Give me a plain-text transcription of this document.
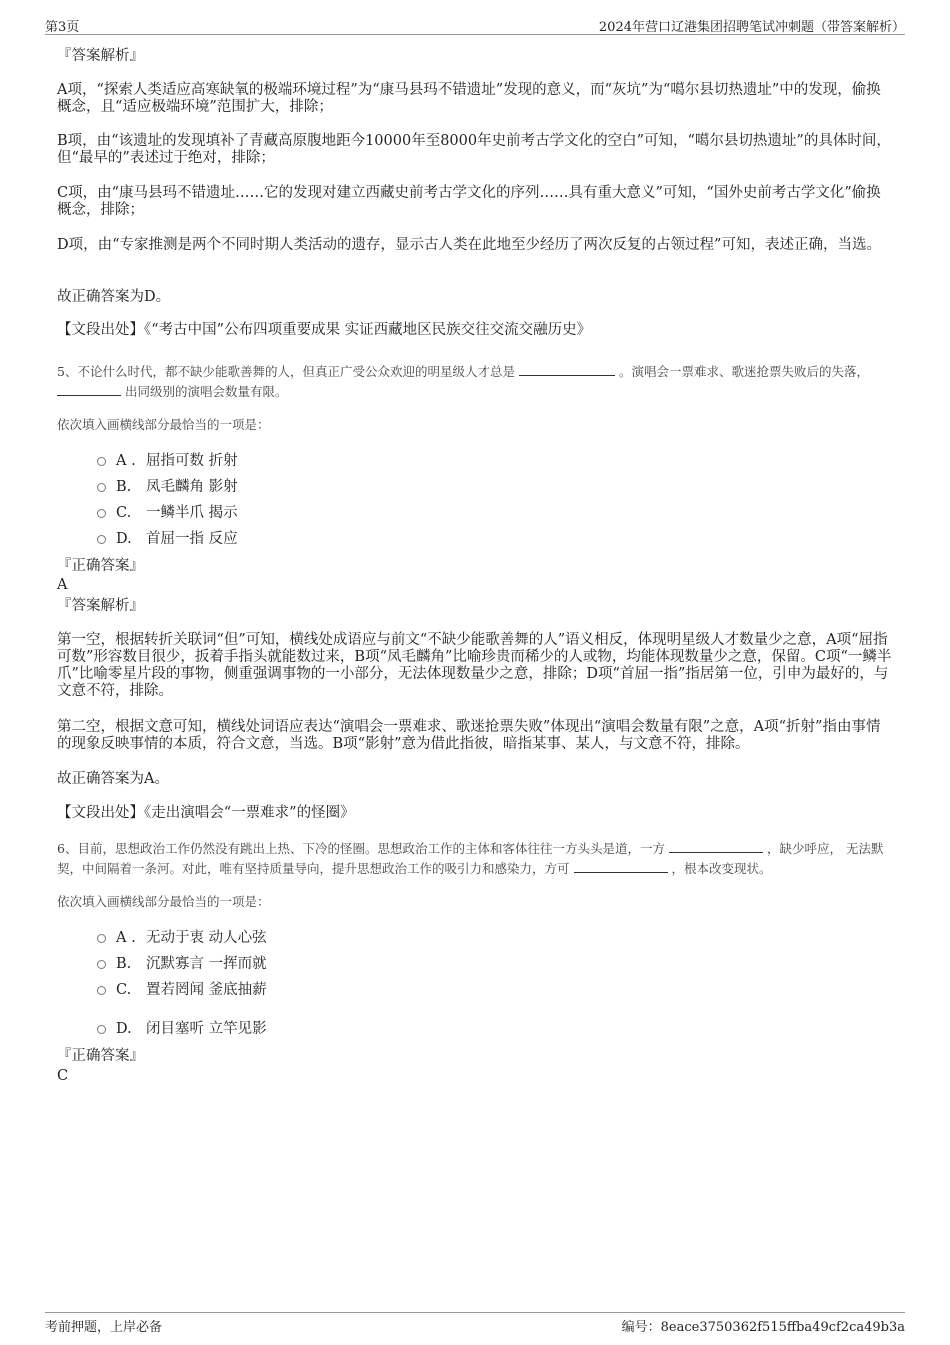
第3页	2024年营口辽港集团招聘笔试冲刺题（带答案解析）
『答案解析』
A项，“探索人类适应高寒缺氧的极端环境过程”为“康马县玛不错遗址”发现的意义，而“灰坑”为“噶尔县切热遗址”中的发现，偷换概念，且“适应极端环境”范围扩大，排除；
B项，由“该遗址的发现填补了青藏高原腹地距今10000年至8000年史前考古学文化的空白”可知，“噶尔县切热遗址”的具体时间，但“最早的”表述过于绝对，排除；
C项，由“康马县玛不错遗址……它的发现对建立西藏史前考古学文化的序列……具有重大意义”可知，“国外史前考古学文化”偷换概念，排除；
D项，由“专家推测是两个不同时期人类活动的遗存，显示古人类在此地至少经历了两次反复的占领过程”可知，表述正确，当选。
故正确答案为D。
【文段出处】《“考古中国”公布四项重要成果 实证西藏地区民族交往交流交融历史》
5、不论什么时代，都不缺少能歌善舞的人，但真正广受公众欢迎的明星级人才总是	。演唱会一票难求、歌迷抢票失败后的失落，  出同级别的演唱会数量有限。
依次填入画横线部分最恰当的一项是：
A . 屈指可数 折射
B. 凤毛麟角 影射
C. 一鳞半爪 揭示
D. 首屈一指 反应
『正确答案』
A
『答案解析』
第一空，根据转折关联词“但”可知，横线处成语应与前文“不缺少能歌善舞的人”语义相反，体现明星级人才数量少之意，A项“屈指可数”形容数目很少，扳着手指头就能数过来，B项“凤毛麟角”比喻珍贵而稀少的人或物，均能体现数量少之意，保留。C项“一鳞半爪”比喻零星片段的事物，侧重强调事物的一小部分，无法体现数量少之意，排除；D项“首屈一指”指居第一位，引申为最好的，与文意不符，排除。
第二空，根据文意可知，横线处词语应表达“演唱会一票难求、歌迷抢票失败”体现出“演唱会数量有限”之意，A项“折射”指由事情的现象反映事情的本质，符合文意，当选。B项“影射”意为借此指彼，暗指某事、某人，与文意不符，排除。
故正确答案为A。
【文段出处】《走出演唱会“一票难求”的怪圈》
6、目前，思想政治工作仍然没有跳出上热、下冷的怪圈。思想政治工作的主体和客体往往一方头头是道，一方	，缺少呼应， 无法默契，中间隔着一条河。对此，唯有坚持质量导向，提升思想政治工作的吸引力和感染力，方可	，根本改变现状。
依次填入画横线部分最恰当的一项是：
A . 无动于衷 动人心弦
B. 沉默寡言 一挥而就
C. 置若罔闻 釜底抽薪
D. 闭目塞听 立竿见影
『正确答案』
C
考前押题，上岸必备	编号：8eace3750362f515ffba49cf2ca49b3a
